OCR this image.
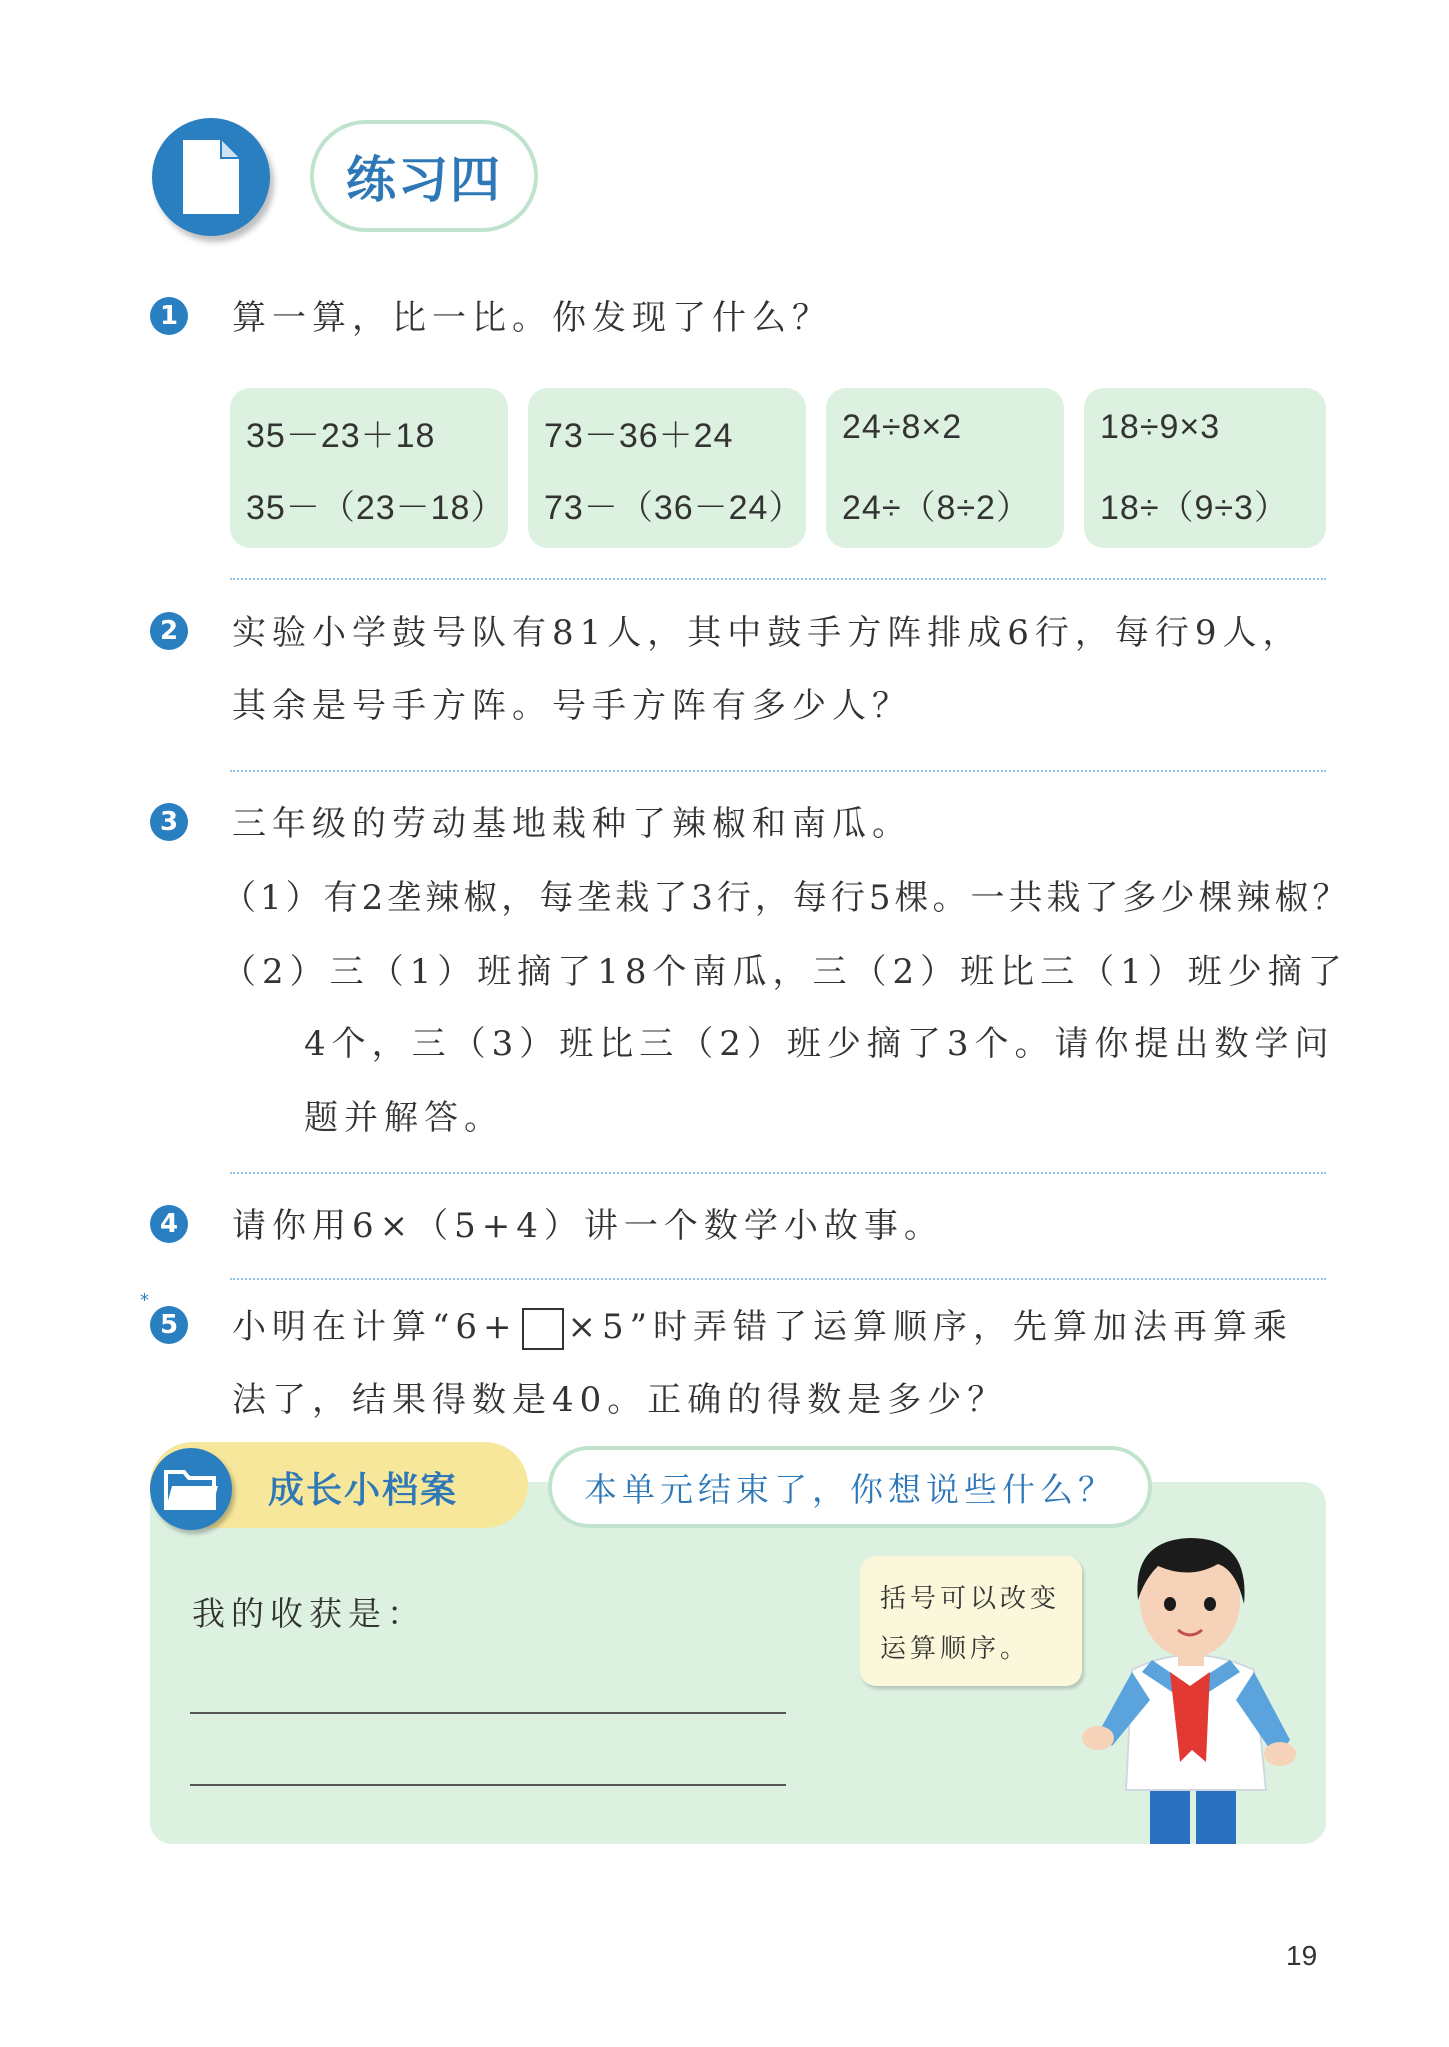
练习四
1 算一算，比一比。你发现了什么？
35－23＋18
35－（23－18）
73－36＋24
73－（36－24）
24÷8×2
24÷（8÷2）
18÷9×3
18÷（9÷3）
2 实验小学鼓号队有81人，其中鼓手方阵排成6行，每行9人，
其余是号手方阵。号手方阵有多少人？
3 三年级的劳动基地栽种了辣椒和南瓜。
（1）有2垄辣椒，每垄栽了3行，每行5棵。一共栽了多少棵辣椒？
（2）三（1）班摘了18个南瓜，三（2）班比三（1）班少摘了
4个，三（3）班比三（2）班少摘了3个。请你提出数学问
题并解答。
4 请你用6×（5+4）讲一个数学小故事。
*
5 小明在计算“6+ ×5”时弄错了运算顺序，先算加法再算乘
法了，结果得数是40。正确的得数是多少？
成长小档案	本单元结束了，你想说些什么？
我的收获是：	括号可以改变
运算顺序。
19
